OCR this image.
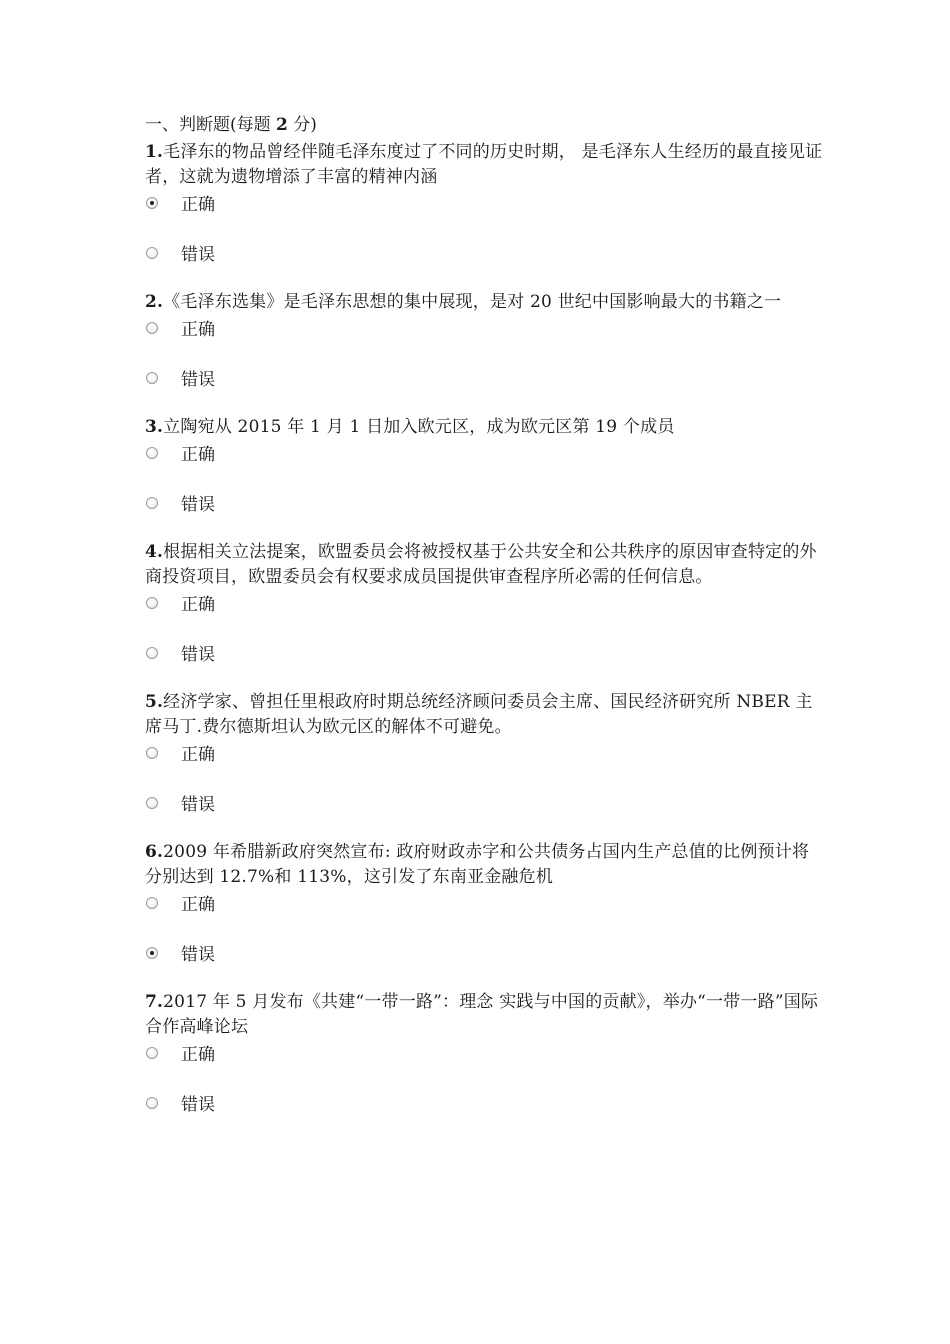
一、判断题(每题 2 分)

1.毛泽东的物品曾经伴随毛泽东度过了不同的历史时期， 是毛泽东人生经历的最直接见证者，这就为遗物增添了丰富的精神内涵

正确
错误

2.《毛泽东选集》是毛泽东思想的集中展现，是对 20 世纪中国影响最大的书籍之一

正确
错误

3.立陶宛从 2015 年 1 月 1 日加入欧元区，成为欧元区第 19 个成员

正确
错误

4.根据相关立法提案，欧盟委员会将被授权基于公共安全和公共秩序的原因审查特定的外商投资项目，欧盟委员会有权要求成员国提供审查程序所必需的任何信息。

正确
错误

5.经济学家、曾担任里根政府时期总统经济顾问委员会主席、国民经济研究所 NBER 主席马丁.费尔德斯坦认为欧元区的解体不可避免。

正确
错误

6.2009 年希腊新政府突然宣布: 政府财政赤字和公共债务占国内生产总值的比例预计将分别达到 12.7%和 113%，这引发了东南亚金融危机

正确
错误

7.2017 年 5 月发布《共建“一带一路”：理念 实践与中国的贡献》，举办“一带一路”国际合作高峰论坛

正确
错误
